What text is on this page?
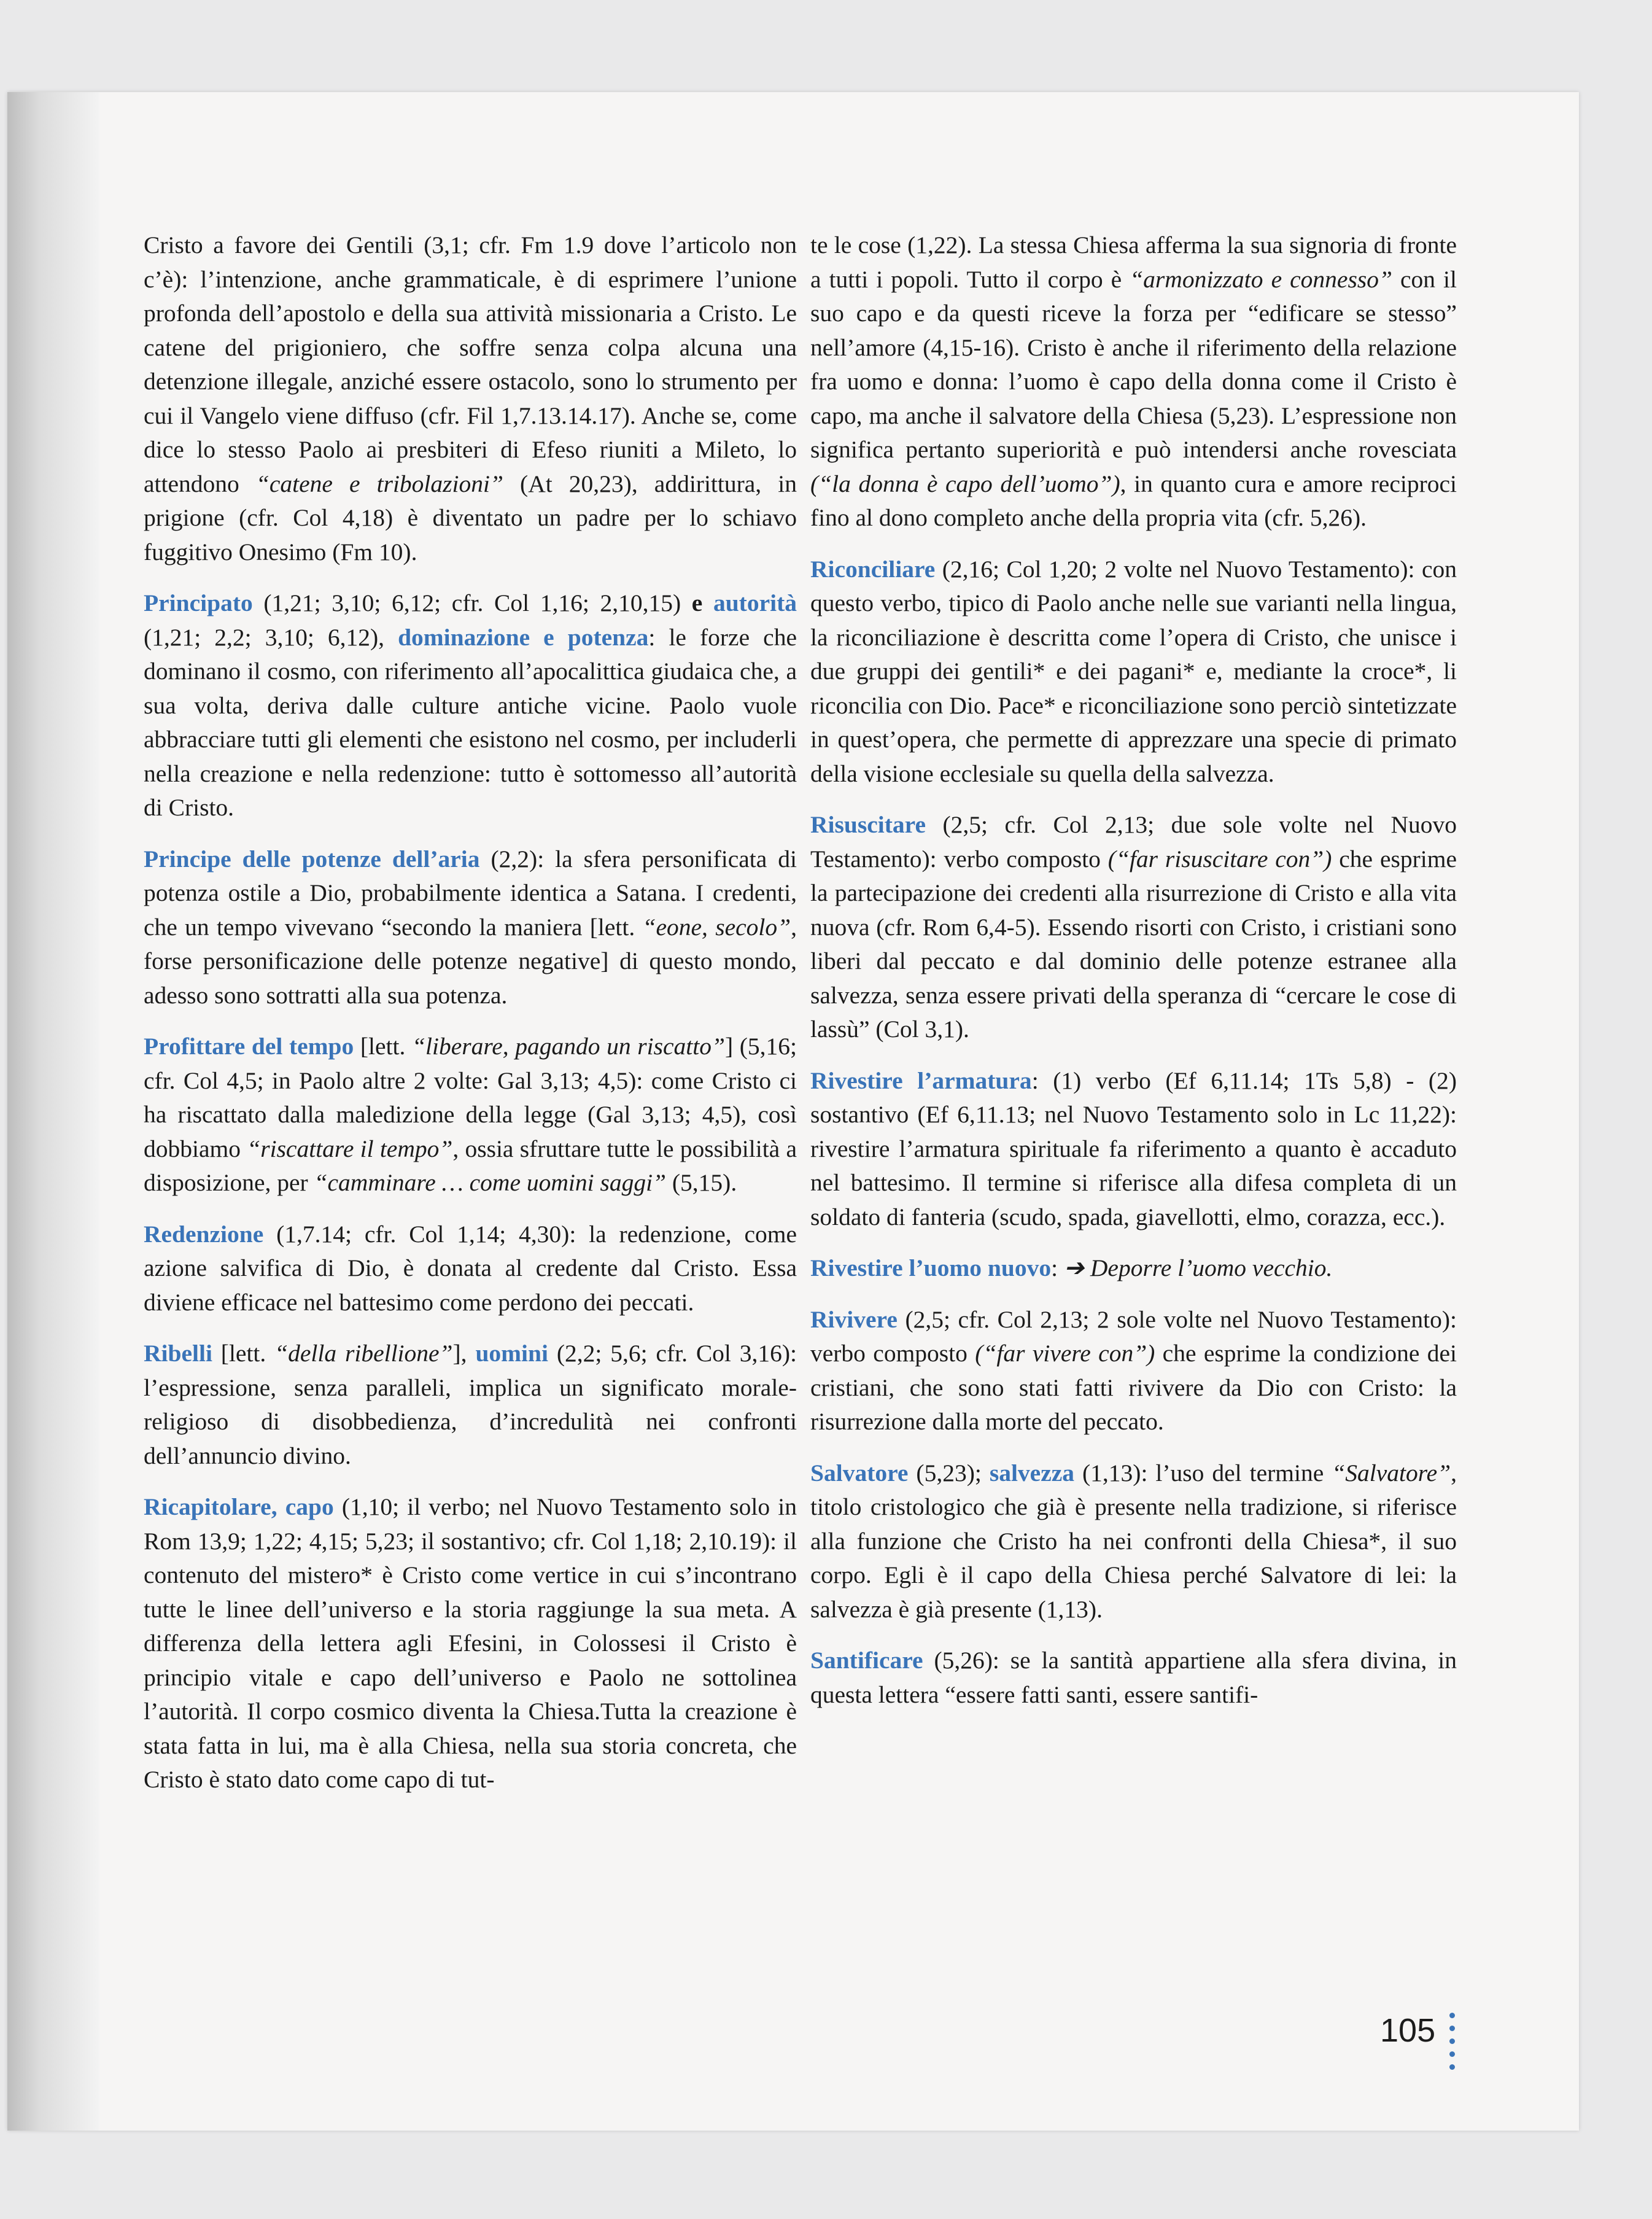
Cristo a favore dei Gentili (3,1; cfr. Fm 1.9 dove l’articolo non c’è): l’intenzione, anche grammaticale, è di esprimere l’unione profonda dell’apostolo e della sua attività missionaria a Cristo. Le catene del prigioniero, che soffre senza colpa alcuna una detenzione illegale, anziché essere ostacolo, sono lo strumento per cui il Vangelo viene diffuso (cfr. Fil 1,7.13.14.17). Anche se, come dice lo stesso Paolo ai presbiteri di Efeso riuniti a Mileto, lo attendono “catene e tribolazioni” (At 20,23), addirittura, in prigione (cfr. Col 4,18) è diventato un padre per lo schiavo fuggitivo Onesimo (Fm 10).

Principato (1,21; 3,10; 6,12; cfr. Col 1,16; 2,10,15) e autorità (1,21; 2,2; 3,10; 6,12), dominazione e potenza: le forze che dominano il cosmo, con riferimento all’apocalittica giudaica che, a sua volta, deriva dalle culture antiche vicine. Paolo vuole abbracciare tutti gli elementi che esistono nel cosmo, per includerli nella creazione e nella redenzione: tutto è sottomesso all’autorità di Cristo.

Principe delle potenze dell’aria (2,2): la sfera personificata di potenza ostile a Dio, probabilmente identica a Satana. I credenti, che un tempo vivevano “secondo la maniera [lett. “eone, secolo”, forse personificazione delle potenze negative] di questo mondo, adesso sono sottratti alla sua potenza.

Profittare del tempo [lett. “liberare, pagando un riscatto”] (5,16; cfr. Col 4,5; in Paolo altre 2 volte: Gal 3,13; 4,5): come Cristo ci ha riscattato dalla maledizione della legge (Gal 3,13; 4,5), così dobbiamo “riscattare il tempo”, ossia sfruttare tutte le possibilità a disposizione, per “camminare … come uomini saggi” (5,15).

Redenzione (1,7.14; cfr. Col 1,14; 4,30): la redenzione, come azione salvifica di Dio, è donata al credente dal Cristo. Essa diviene efficace nel battesimo come perdono dei peccati.

Ribelli [lett. “della ribellione”], uomini (2,2; 5,6; cfr. Col 3,16): l’espressione, senza paralleli, implica un significato morale-religioso di disobbedienza, d’incredulità nei confronti dell’annuncio divino.

Ricapitolare, capo (1,10; il verbo; nel Nuovo Testamento solo in Rom 13,9; 1,22; 4,15; 5,23; il sostantivo; cfr. Col 1,18; 2,10.19): il contenuto del mistero* è Cristo come vertice in cui s’incontrano tutte le linee dell’universo e la storia raggiunge la sua meta. A differenza della lettera agli Efesini, in Colossesi il Cristo è principio vitale e capo dell’universo e Paolo ne sottolinea l’autorità. Il corpo cosmico diventa la Chiesa.Tutta la creazione è stata fatta in lui, ma è alla Chiesa, nella sua storia concreta, che Cristo è stato dato come capo di tut-

te le cose (1,22). La stessa Chiesa afferma la sua signoria di fronte a tutti i popoli. Tutto il corpo è “armonizzato e connesso” con il suo capo e da questi riceve la forza per “edificare se stesso” nell’amore (4,15-16). Cristo è anche il riferimento della relazione fra uomo e donna: l’uomo è capo della donna come il Cristo è capo, ma anche il salvatore della Chiesa (5,23). L’espressione non significa pertanto superiorità e può intendersi anche rovesciata (“la donna è capo dell’uomo”), in quanto cura e amore reciproci fino al dono completo anche della propria vita (cfr. 5,26).

Riconciliare (2,16; Col 1,20; 2 volte nel Nuovo Testamento): con questo verbo, tipico di Paolo anche nelle sue varianti nella lingua, la riconciliazione è descritta come l’opera di Cristo, che unisce i due gruppi dei gentili* e dei pagani* e, mediante la croce*, li riconcilia con Dio. Pace* e riconciliazione sono perciò sintetizzate in quest’opera, che permette di apprezzare una specie di primato della visione ecclesiale su quella della salvezza.

Risuscitare (2,5; cfr. Col 2,13; due sole volte nel Nuovo Testamento): verbo composto (“far risuscitare con”) che esprime la partecipazione dei credenti alla risurrezione di Cristo e alla vita nuova (cfr. Rom 6,4-5). Essendo risorti con Cristo, i cristiani sono liberi dal peccato e dal dominio delle potenze estranee alla salvezza, senza essere privati della speranza di “cercare le cose di lassù” (Col 3,1).

Rivestire l’armatura: (1) verbo (Ef 6,11.14; 1Ts 5,8) - (2) sostantivo (Ef 6,11.13; nel Nuovo Testamento solo in Lc 11,22): rivestire l’armatura spirituale fa riferimento a quanto è accaduto nel battesimo. Il termine si riferisce alla difesa completa di un soldato di fanteria (scudo, spada, giavellotti, elmo, corazza, ecc.).

Rivestire l’uomo nuovo: ➔ Deporre l’uomo vecchio.

Rivivere (2,5; cfr. Col 2,13; 2 sole volte nel Nuovo Testamento): verbo composto (“far vivere con”) che esprime la condizione dei cristiani, che sono stati fatti rivivere da Dio con Cristo: la risurrezione dalla morte del peccato.

Salvatore (5,23); salvezza (1,13): l’uso del termine “Salvatore”, titolo cristologico che già è presente nella tradizione, si riferisce alla funzione che Cristo ha nei confronti della Chiesa*, il suo corpo. Egli è il capo della Chiesa perché Salvatore di lei: la salvezza è già presente (1,13).

Santificare (5,26): se la santità appartiene alla sfera divina, in questa lettera “essere fatti santi, essere santifi-

105
